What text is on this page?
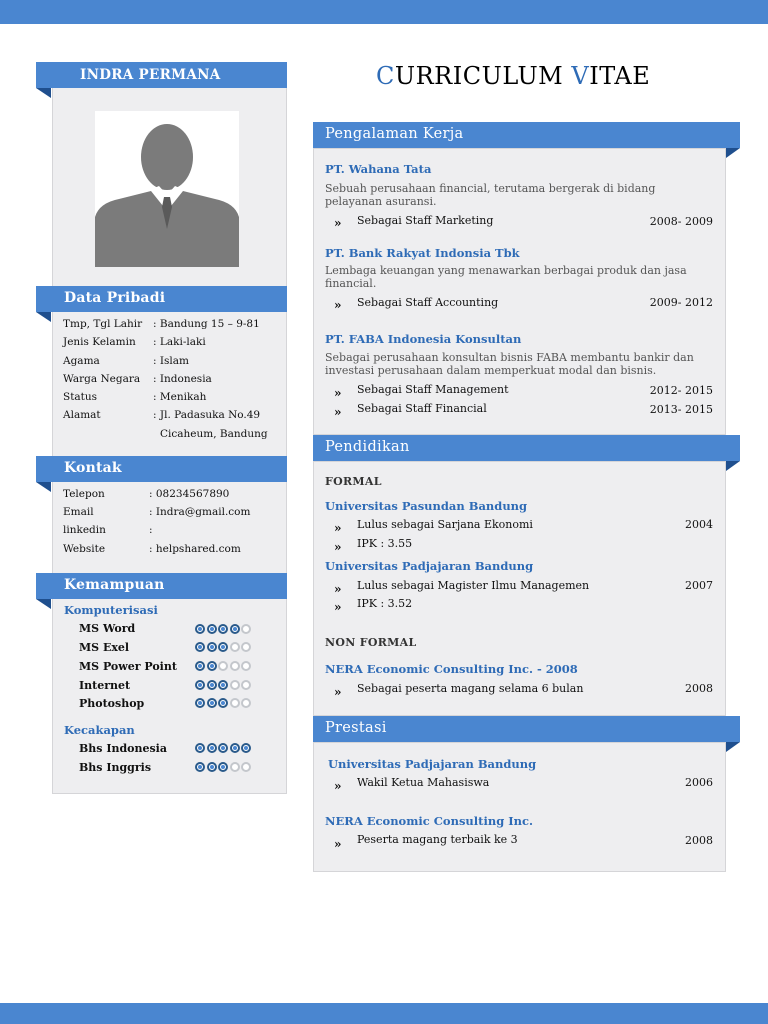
INDRA PERMANA
Data Pribadi
Tmp, Tgl Lahir : Bandung 15 – 9-81
Jenis Kelamin : Laki-laki
Agama	: Islam
Warga Negara : Indonesia
Status	: Menikah
Alamat	: Jl. Padasuka No.49
Cicaheum, Bandung
Kontak
Telepon	: 08234567890
Email	: Indra@gmail.com
linkedin	:
Website	: helpshared.com
Kemampuan
Komputerisasi
MS Word
MS Exel
MS Power Point
Internet
Photoshop
Kecakapan
Bhs Indonesia
Bhs Inggris
CURRICULUM VITAE
Pengalaman Kerja
PT. Wahana Tata
Sebuah perusahaan financial, terutama bergerak di bidang pelayanan asuransi.
» Sebagai Staff Marketing	2008- 2009
PT. Bank Rakyat Indonsia Tbk
Lembaga keuangan yang menawarkan berbagai produk dan jasa financial.
» Sebagai Staff Accounting	2009- 2012
PT. FABA Indonesia Konsultan
Sebagai perusahaan konsultan bisnis FABA membantu bankir dan investasi perusahaan dalam memperkuat modal dan bisnis.
» Sebagai Staff Management	2012- 2015
» Sebagai Staff Financial	2013- 2015
Pendidikan
FORMAL
Universitas Pasundan Bandung
» Lulus sebagai Sarjana Ekonomi	2004
» IPK : 3.55
Universitas Padjajaran Bandung
» Lulus sebagai Magister Ilmu Managemen	2007
» IPK : 3.52
NON FORMAL
NERA Economic Consulting Inc. - 2008
» Sebagai peserta magang selama 6 bulan	2008
Prestasi
Universitas Padjajaran Bandung
» Wakil Ketua Mahasiswa	2006
NERA Economic Consulting Inc.
» Peserta magang terbaik ke 3	2008
